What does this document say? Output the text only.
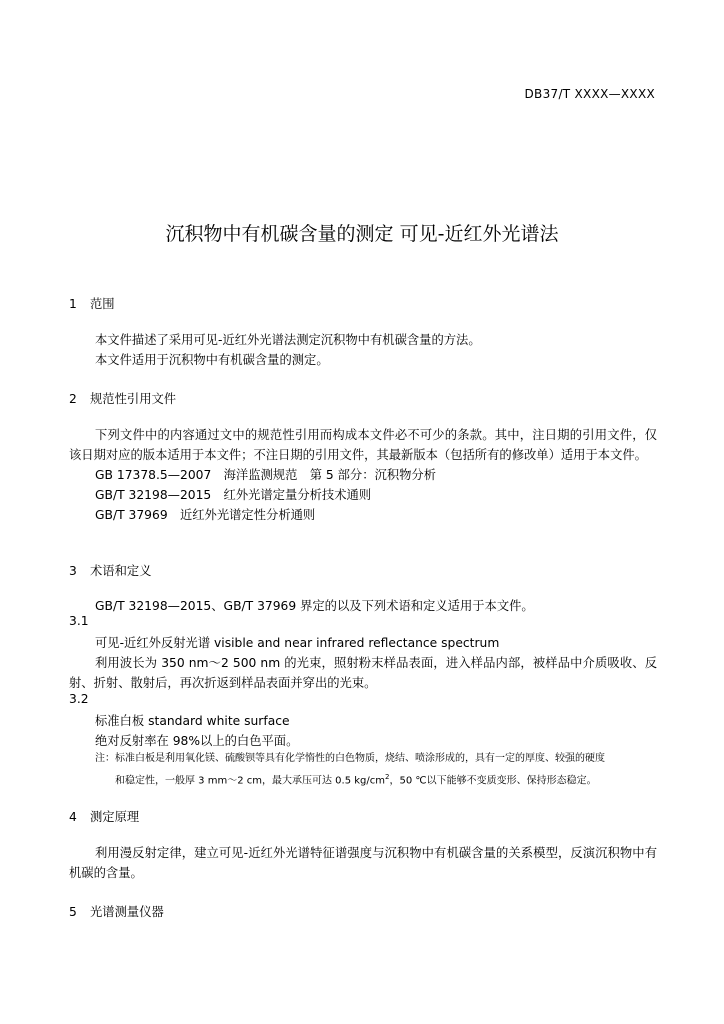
DB37/T XXXX—XXXX
沉积物中有机碳含量的测定 可见-近红外光谱法
1 范围

本文件描述了采用可见-近红外光谱法测定沉积物中有机碳含量的方法。

本文件适用于沉积物中有机碳含量的测定。

2 规范性引用文件

下列文件中的内容通过文中的规范性引用而构成本文件必不可少的条款。其中，注日期的引用文件，仅该日期对应的版本适用于本文件；不注日期的引用文件，其最新版本（包括所有的修改单）适用于本文件。

GB 17378.5—2007　海洋监测规范　第 5 部分：沉积物分析

GB/T 32198—2015　红外光谱定量分析技术通则

GB/T 37969　近红外光谱定性分析通则

3 术语和定义

GB/T 32198—2015、GB/T 37969 界定的以及下列术语和定义适用于本文件。

3.1

可见-近红外反射光谱 visible and near infrared reflectance spectrum

利用波长为 350 nm～2 500 nm 的光束，照射粉末样品表面，进入样品内部，被样品中介质吸收、反射、折射、散射后，再次折返到样品表面并穿出的光束。

3.2

标准白板 standard white surface

绝对反射率在 98%以上的白色平面。

注：标准白板是利用氧化镁、硫酸钡等具有化学惰性的白色物质，烧结、喷涂形成的，具有一定的厚度、较强的硬度
和稳定性，一般厚 3 mm～2 cm，最大承压可达 0.5 $kg/cm^2$，50 ℃以下能够不变质变形、保持形态稳定。
4 测定原理

利用漫反射定律，建立可见-近红外光谱特征谱强度与沉积物中有机碳含量的关系模型，反演沉积物中有机碳的含量。

5 光谱测量仪器
